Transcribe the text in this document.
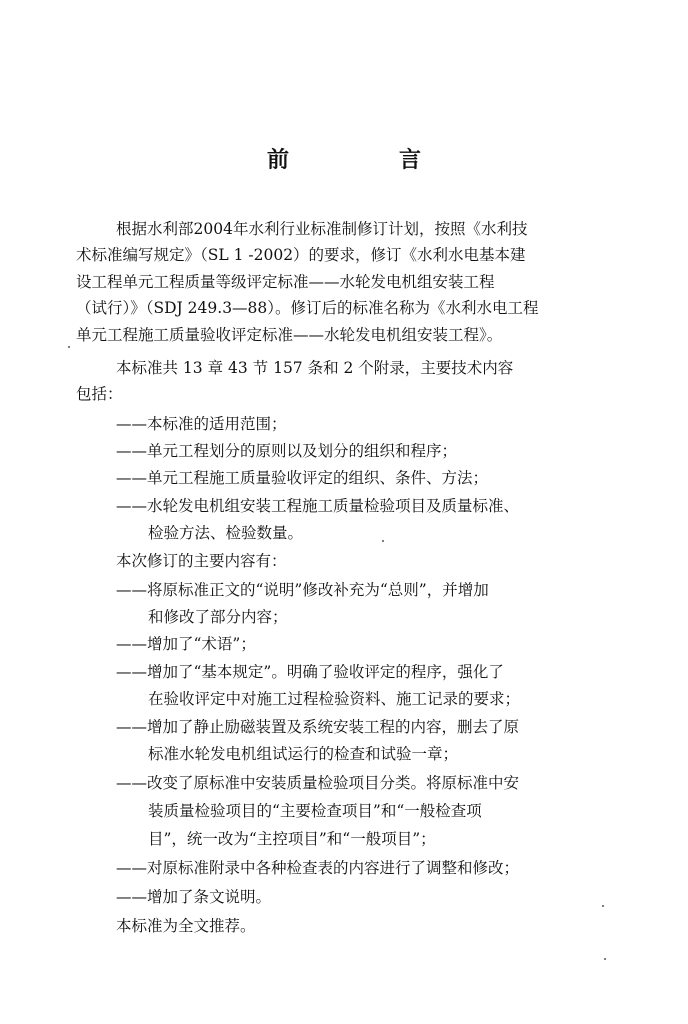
前　言
根据水利部2004年水利行业标准制修订计划，按照《水利技
术标准编写规定》（SL 1 -2002）的要求，修订《水利水电基本建
设工程单元工程质量等级评定标准——水轮发电机组安装工程
（试行）》（SDJ 249.3—88）。修订后的标准名称为《水利水电工程
单元工程施工质量验收评定标准——水轮发电机组安装工程》。
本标准共 13 章 43 节 157 条和 2 个附录，主要技术内容
包括：
——本标准的适用范围；
——单元工程划分的原则以及划分的组织和程序；
——单元工程施工质量验收评定的组织、条件、方法；
——水轮发电机组安装工程施工质量检验项目及质量标准、
检验方法、检验数量。
本次修订的主要内容有：
——将原标准正文的“说明”修改补充为“总则”，并增加
和修改了部分内容；
——增加了“术语”；
——增加了“基本规定”。明确了验收评定的程序，强化了
在验收评定中对施工过程检验资料、施工记录的要求；
——增加了静止励磁装置及系统安装工程的内容，删去了原
标准水轮发电机组试运行的检查和试验一章；
——改变了原标准中安装质量检验项目分类。将原标准中安
装质量检验项目的“主要检查项目”和“一般检查项
目”，统一改为“主控项目”和“一般项目”；
——对原标准附录中各种检查表的内容进行了调整和修改；
——增加了条文说明。
本标准为全文推荐。
